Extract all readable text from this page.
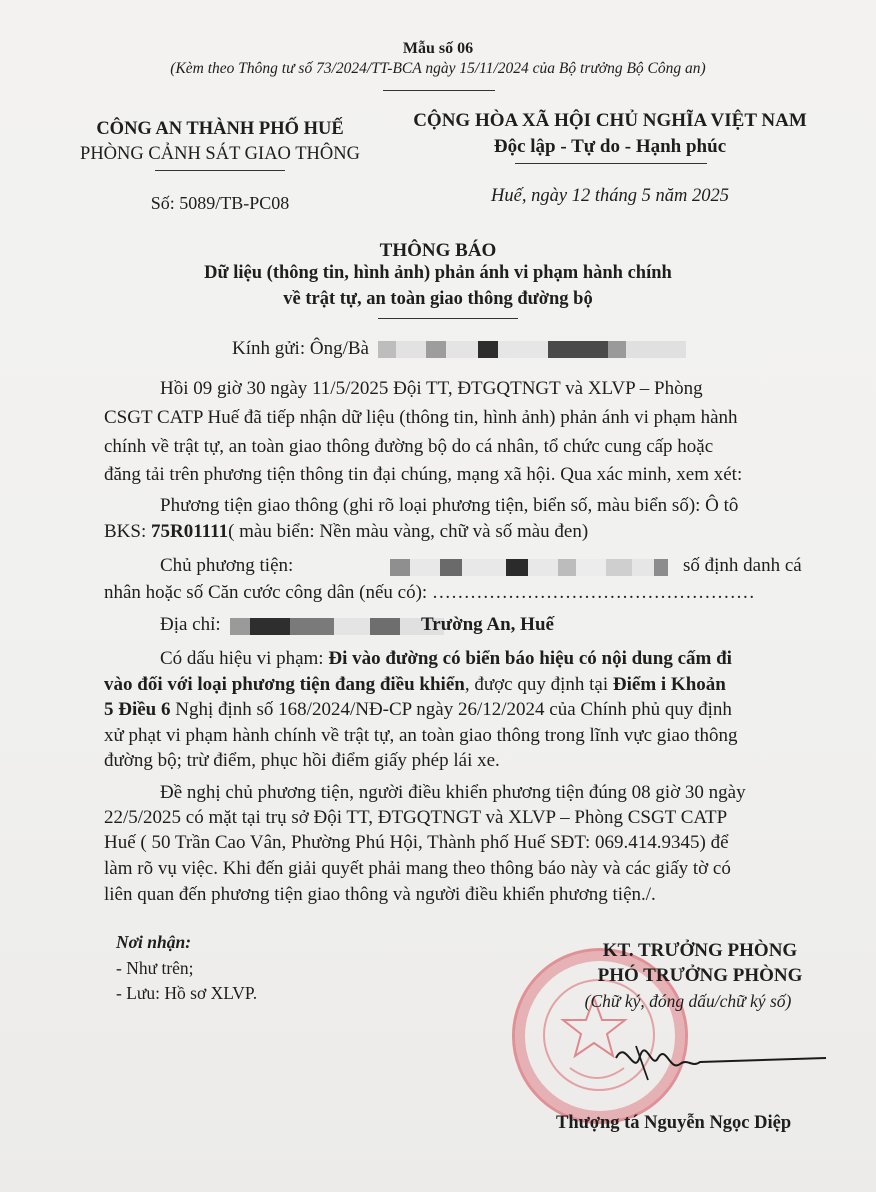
Mẫu số 06
(Kèm theo Thông tư số 73/2024/TT-BCA ngày 15/11/2024 của Bộ trưởng Bộ Công an)
CÔNG AN THÀNH PHỐ HUẾ
PHÒNG CẢNH SÁT GIAO THÔNG
Số: 5089/TB-PC08
CỘNG HÒA XÃ HỘI CHỦ NGHĨA VIỆT NAM
Độc lập - Tự do - Hạnh phúc
Huế, ngày 12 tháng 5 năm 2025
THÔNG BÁO
Dữ liệu (thông tin, hình ảnh) phản ánh vi phạm hành chính
về trật tự, an toàn giao thông đường bộ
Kính gửi: Ông/Bà
Hồi 09 giờ 30 ngày 11/5/2025 Đội TT, ĐTGQTNGT và XLVP – Phòng
CSGT CATP Huế đã tiếp nhận dữ liệu (thông tin, hình ảnh) phản ánh vi phạm hành
chính về trật tự, an toàn giao thông đường bộ do cá nhân, tổ chức cung cấp hoặc
đăng tải trên phương tiện thông tin đại chúng, mạng xã hội. Qua xác minh, xem xét:
Phương tiện giao thông (ghi rõ loại phương tiện, biển số, màu biển số): Ô tô
BKS: 75R01111( màu biển: Nền màu vàng, chữ và số màu đen)
Chủ phương tiện:	số định danh cá
nhân hoặc số Căn cước công dân (nếu có): ……………………………………………
Địa chỉ:	Trường An, Huế
Có dấu hiệu vi phạm: Đi vào đường có biển báo hiệu có nội dung cấm đi
vào đối với loại phương tiện đang điều khiển, được quy định tại Điểm i Khoản
5 Điều 6 Nghị định số 168/2024/NĐ-CP ngày 26/12/2024 của Chính phủ quy định
xử phạt vi phạm hành chính về trật tự, an toàn giao thông trong lĩnh vực giao thông
đường bộ; trừ điểm, phục hồi điểm giấy phép lái xe.
Đề nghị chủ phương tiện, người điều khiển phương tiện đúng 08 giờ 30 ngày
22/5/2025 có mặt tại trụ sở Đội TT, ĐTGQTNGT và XLVP – Phòng CSGT CATP
Huế ( 50 Trần Cao Vân, Phường Phú Hội, Thành phố Huế SĐT: 069.414.9345) để
làm rõ vụ việc. Khi đến giải quyết phải mang theo thông báo này và các giấy tờ có
liên quan đến phương tiện giao thông và người điều khiển phương tiện./.
Nơi nhận:
- Như trên;
- Lưu: Hồ sơ XLVP.
KT. TRƯỞNG PHÒNG
PHÓ TRƯỞNG PHÒNG
(Chữ ký, đóng dấu/chữ ký số)
Thượng tá Nguyễn Ngọc Diệp
